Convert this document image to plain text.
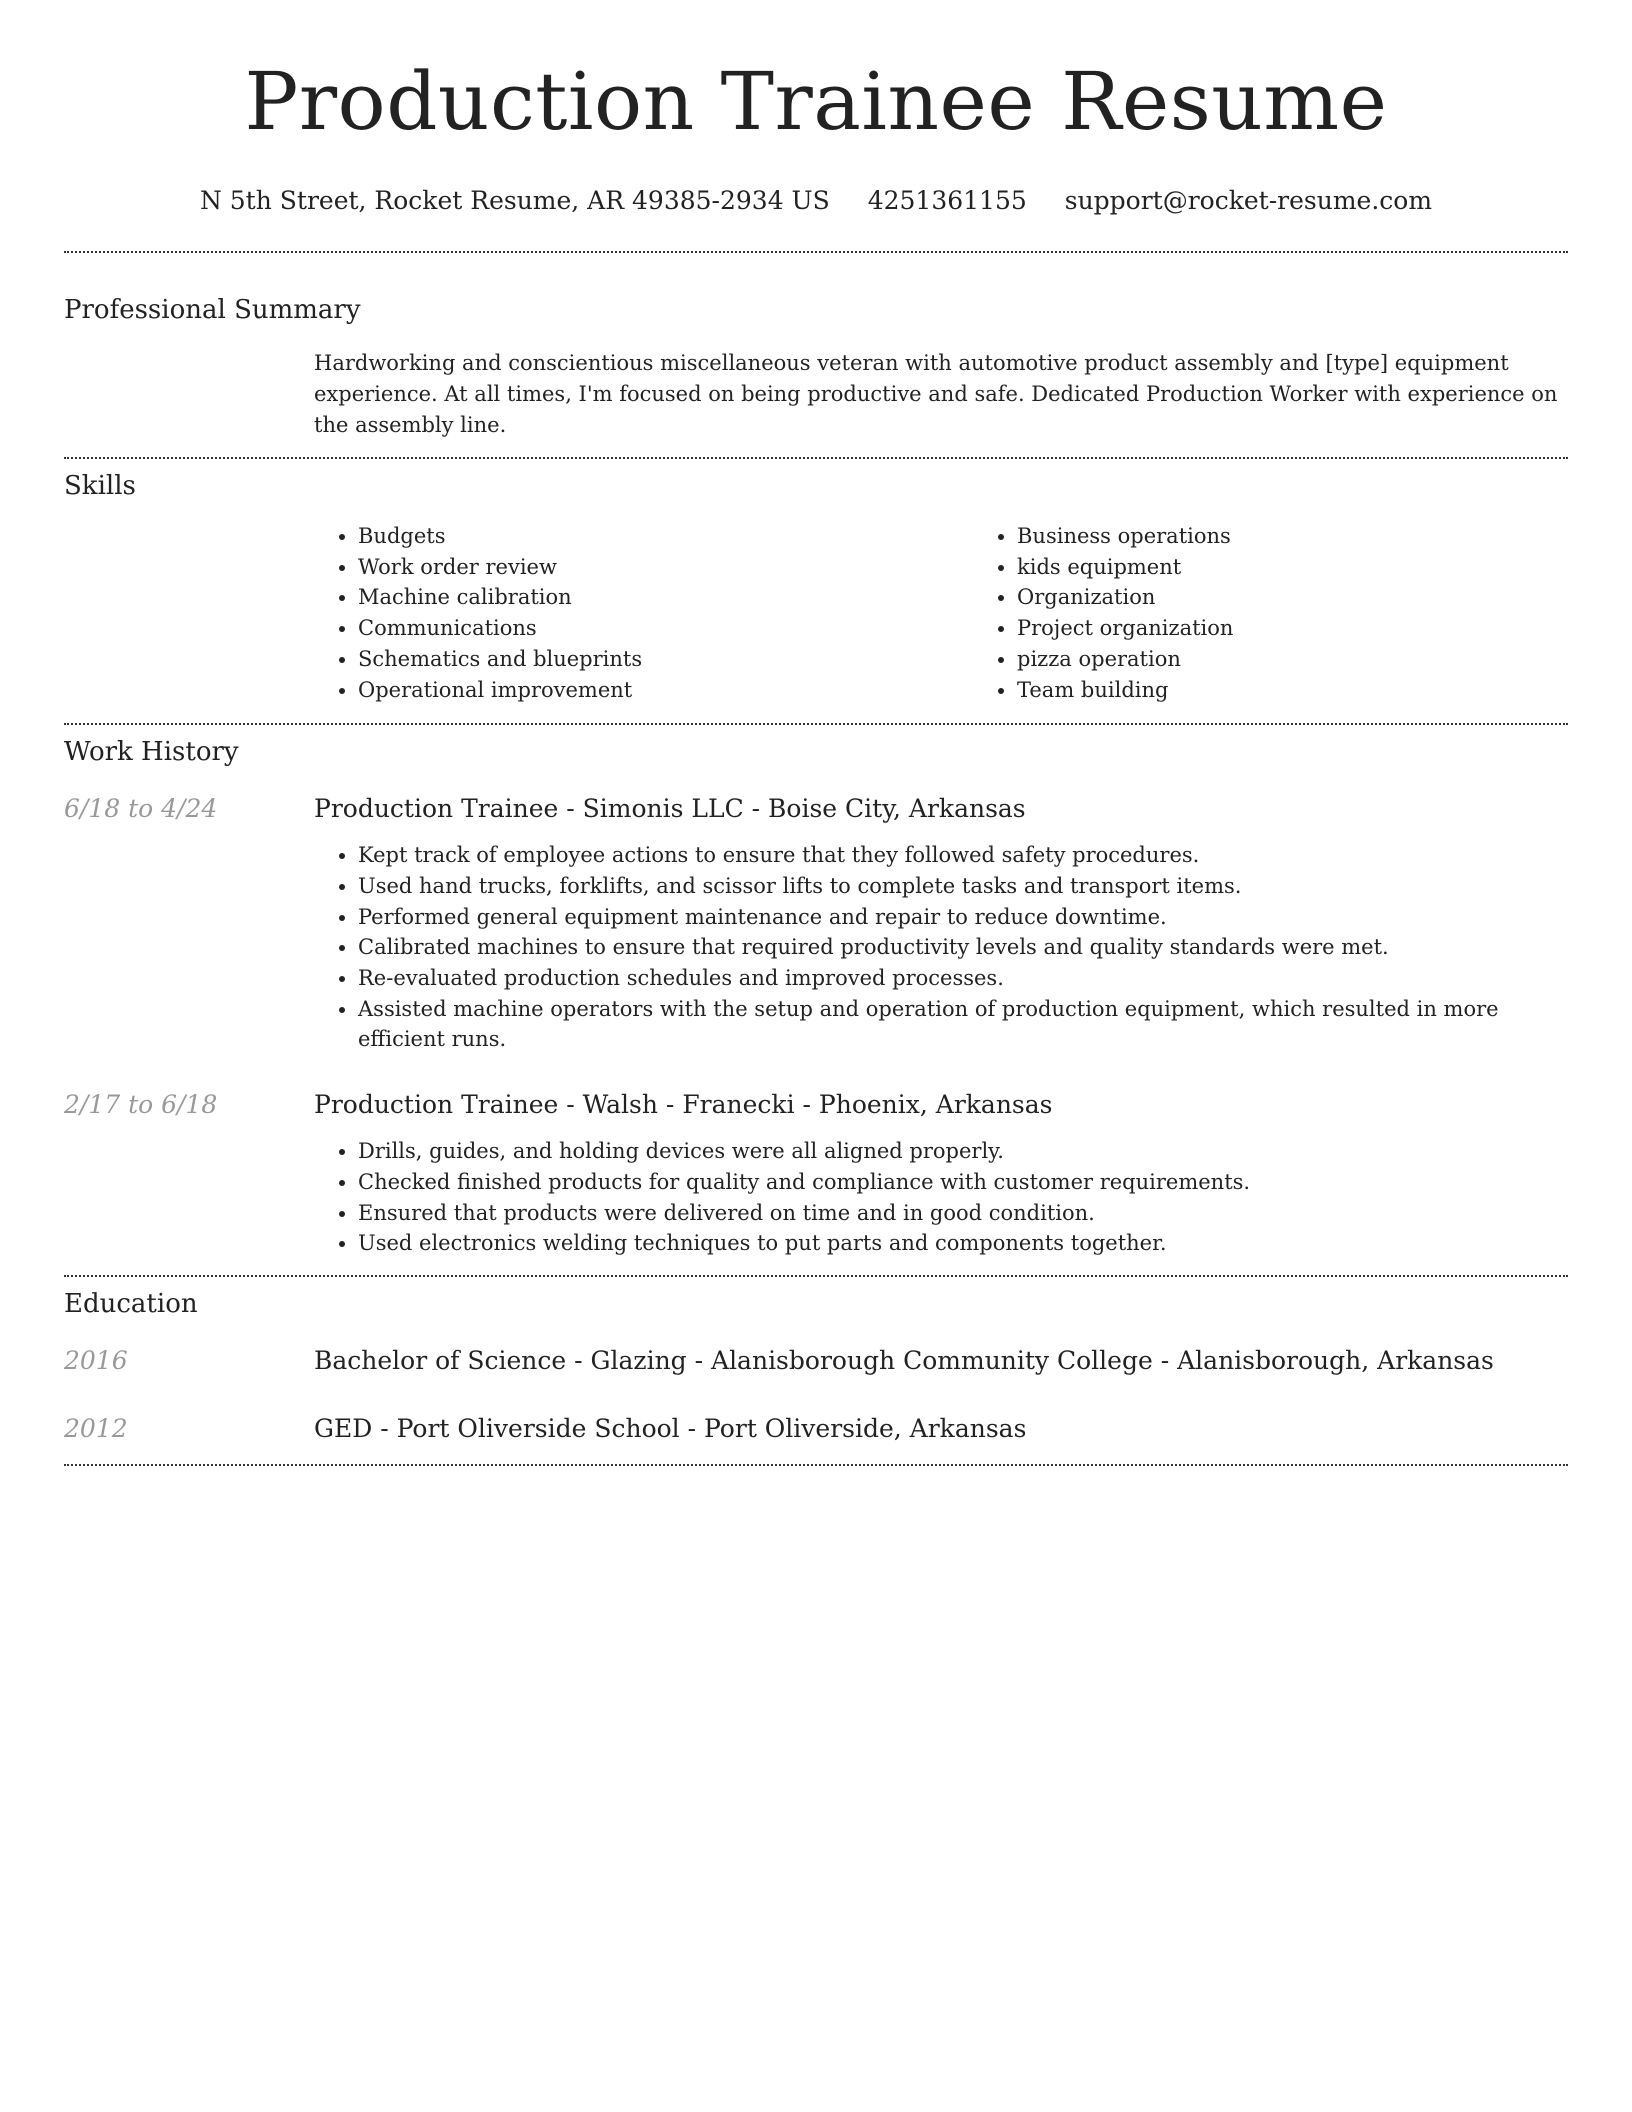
Production Trainee Resume
N 5th Street, Rocket Resume, AR 49385-2934 US 4251361155 support@rocket-resume.com
Professional Summary

Hardworking and conscientious miscellaneous veteran with automotive product assembly and [type] equipment experience. At all times, I'm focused on being productive and safe. Dedicated Production Worker with experience on the assembly line.

Skills
• Budgets
• Work order review
• Machine calibration
• Communications
• Schematics and blueprints
• Operational improvement
• Business operations
• kids equipment
• Organization
• Project organization
• pizza operation
• Team building
Work History
6/18 to 4/24	Production Trainee - Simonis LLC - Boise City, Arkansas
• Kept track of employee actions to ensure that they followed safety procedures.
• Used hand trucks, forklifts, and scissor lifts to complete tasks and transport items.
• Performed general equipment maintenance and repair to reduce downtime.
• Calibrated machines to ensure that required productivity levels and quality standards were met.
• Re-evaluated production schedules and improved processes.
• Assisted machine operators with the setup and operation of production equipment, which resulted in more efficient runs.
2/17 to 6/18	Production Trainee - Walsh - Franecki - Phoenix, Arkansas
• Drills, guides, and holding devices were all aligned properly.
• Checked finished products for quality and compliance with customer requirements.
• Ensured that products were delivered on time and in good condition.
• Used electronics welding techniques to put parts and components together.
Education
2016	Bachelor of Science - Glazing - Alanisborough Community College - Alanisborough, Arkansas
2012	GED - Port Oliverside School - Port Oliverside, Arkansas
